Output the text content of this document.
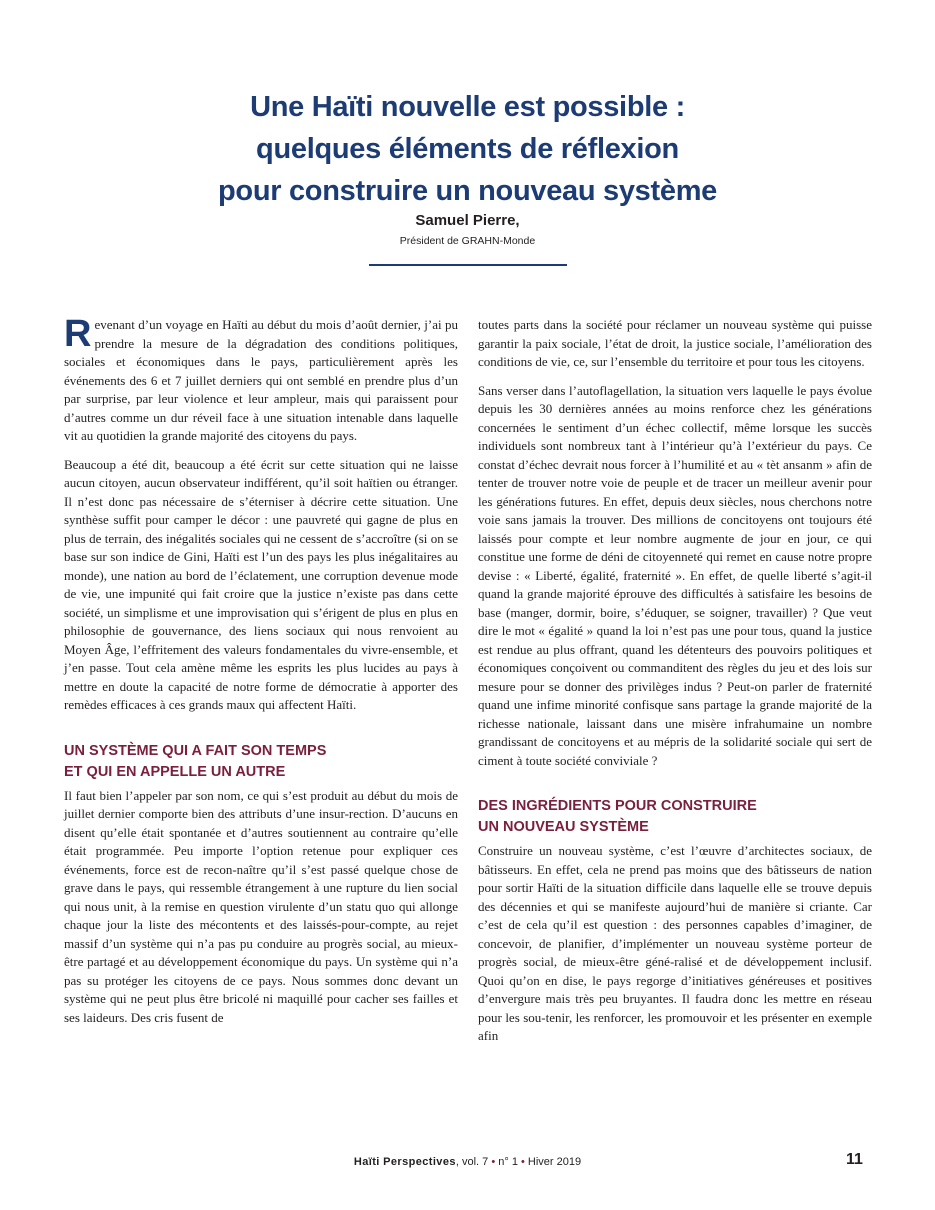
Une Haïti nouvelle est possible :
quelques éléments de réflexion
pour construire un nouveau système
Samuel Pierre,
Président de GRAHN-Monde

Revenant d’un voyage en Haïti au début du mois d’août dernier, j’ai pu prendre la mesure de la dégradation des conditions politiques, sociales et économiques dans le pays, particulièrement après les événements des 6 et 7 juillet derniers qui ont semblé en prendre plus d’un par surprise, par leur violence et leur ampleur, mais qui paraissent pour d’autres comme un dur réveil face à une situation intenable dans laquelle vit au quotidien la grande majorité des citoyens du pays.

Beaucoup a été dit, beaucoup a été écrit sur cette situation qui ne laisse aucun citoyen, aucun observateur indifférent, qu’il soit haïtien ou étranger. Il n’est donc pas nécessaire de s’éterniser à décrire cette situation. Une synthèse suffit pour camper le décor : une pauvreté qui gagne de plus en plus de terrain, des inégalités sociales qui ne cessent de s’accroître (si on se base sur son indice de Gini, Haïti est l’un des pays les plus inégalitaires au monde), une nation au bord de l’éclatement, une corruption devenue mode de vie, une impunité qui fait croire que la justice n’existe pas dans cette société, un simplisme et une improvisation qui s’érigent de plus en plus en philosophie de gouvernance, des liens sociaux qui nous renvoient au Moyen Âge, l’effritement des valeurs fondamentales du vivre-ensemble, et j’en passe. Tout cela amène même les esprits les plus lucides au pays à mettre en doute la capacité de notre forme de démocratie à apporter des remèdes efficaces à ces grands maux qui affectent Haïti.

UN SYSTÈME QUI A FAIT SON TEMPS
ET QUI EN APPELLE UN AUTRE

Il faut bien l’appeler par son nom, ce qui s’est produit au début du mois de juillet dernier comporte bien des attributs d’une insur-rection. D’aucuns en disent qu’elle était spontanée et d’autres soutiennent au contraire qu’elle était programmée. Peu importe l’option retenue pour expliquer ces événements, force est de recon-naître qu’il s’est passé quelque chose de grave dans le pays, qui ressemble étrangement à une rupture du lien social qui nous unit, à la remise en question virulente d’un statu quo qui allonge chaque jour la liste des mécontents et des laissés-pour-compte, au rejet massif d’un système qui n’a pas pu conduire au progrès social, au mieux-être partagé et au développement économique du pays. Un système qui n’a pas su protéger les citoyens de ce pays. Nous sommes donc devant un système qui ne peut plus être bricolé ni maquillé pour cacher ses failles et ses laideurs. Des cris fusent de

toutes parts dans la société pour réclamer un nouveau système qui puisse garantir la paix sociale, l’état de droit, la justice sociale, l’amélioration des conditions de vie, ce, sur l’ensemble du territoire et pour tous les citoyens.

Sans verser dans l’autoflagellation, la situation vers laquelle le pays évolue depuis les 30 dernières années au moins renforce chez les générations concernées le sentiment d’un échec collectif, même lorsque les succès individuels sont nombreux tant à l’intérieur qu’à l’extérieur du pays. Ce constat d’échec devrait nous forcer à l’humilité et au « tèt ansanm » afin de tenter de trouver notre voie de peuple et de tracer un meilleur avenir pour les générations futures. En effet, depuis deux siècles, nous cherchons notre voie sans jamais la trouver. Des millions de concitoyens ont toujours été laissés pour compte et leur nombre augmente de jour en jour, ce qui constitue une forme de déni de citoyenneté qui remet en cause notre propre devise : « Liberté, égalité, fraternité ». En effet, de quelle liberté s’agit-il quand la grande majorité éprouve des difficultés à satisfaire les besoins de base (manger, dormir, boire, s’éduquer, se soigner, travailler) ? Que veut dire le mot « égalité » quand la loi n’est pas une pour tous, quand la justice est rendue au plus offrant, quand les détenteurs des pouvoirs politiques et économiques conçoivent ou commanditent des règles du jeu et des lois sur mesure pour se donner des privilèges indus ? Peut-on parler de fraternité quand une infime minorité confisque sans partage la grande majorité de la richesse nationale, laissant dans une misère infrahumaine un nombre grandissant de concitoyens et au mépris de la solidarité sociale qui sert de ciment à toute société conviviale ?

DES INGRÉDIENTS POUR CONSTRUIRE
UN NOUVEAU SYSTÈME

Construire un nouveau système, c’est l’œuvre d’architectes sociaux, de bâtisseurs. En effet, cela ne prend pas moins que des bâtisseurs de nation pour sortir Haïti de la situation difficile dans laquelle elle se trouve depuis des décennies et qui se manifeste aujourd’hui de manière si criante. Car c’est de cela qu’il est question : des personnes capables d’imaginer, de concevoir, de planifier, d’implémenter un nouveau système porteur de progrès social, de mieux-être géné-ralisé et de développement inclusif. Quoi qu’on en dise, le pays regorge d’initiatives généreuses et positives d’envergure mais très peu bruyantes. Il faudra donc les mettre en réseau pour les sou-tenir, les renforcer, les promouvoir et les présenter en exemple afin

Haïti Perspectives, vol. 7 • n° 1 • Hiver 2019	11
